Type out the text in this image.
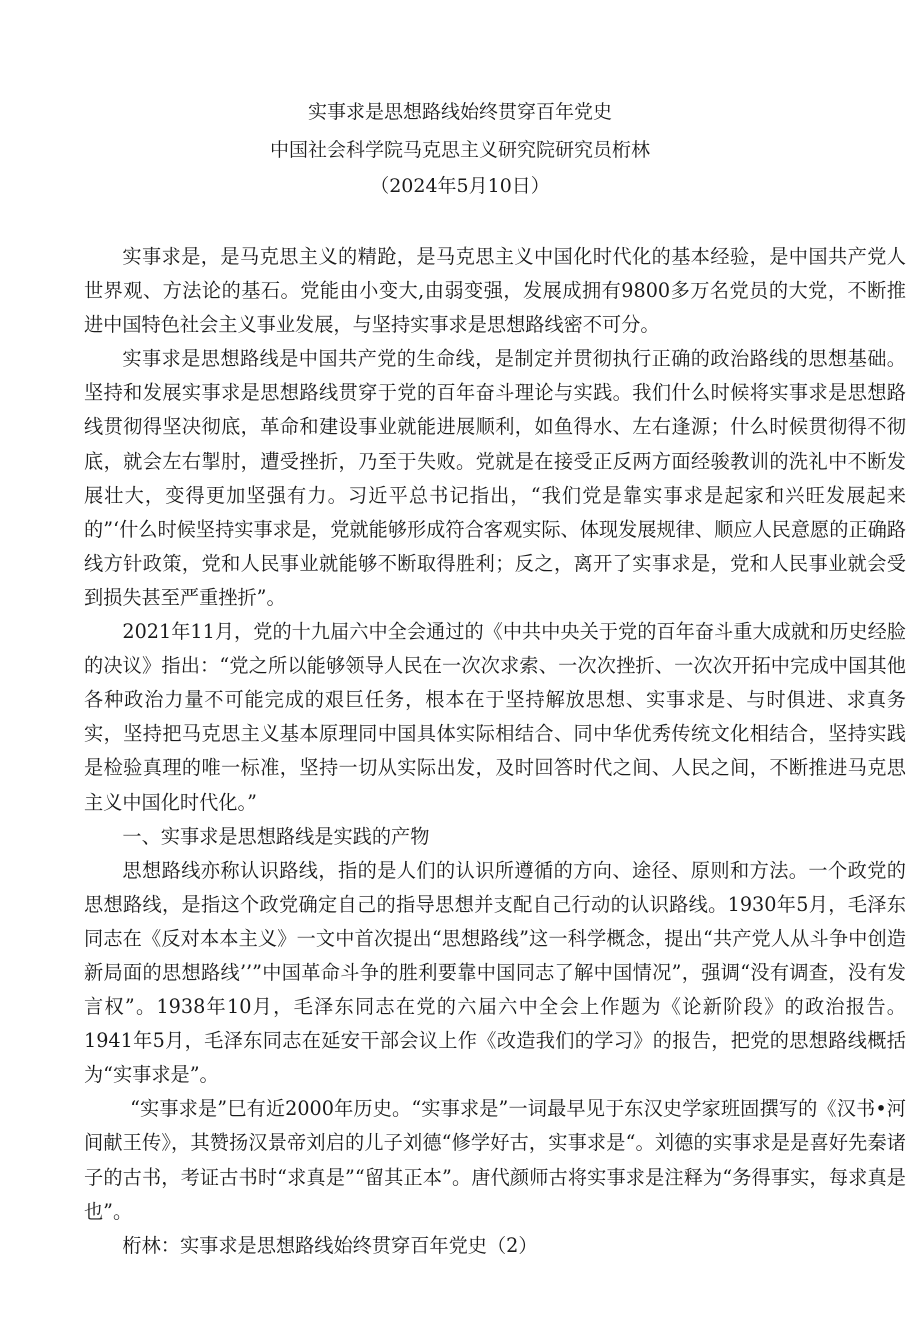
实事求是思想路线始终贯穿百年党史
中国社会科学院马克思主义研究院研究员桁林
（2024年5月10日）

实事求是，是马克思主义的精跄，是马克思主义中国化时代化的基本经验，是中国共产党人世界观、方法论的基石。党能由小变大,由弱变强，发展成拥有9800多万名党员的大党，不断推进中国特色社会主义事业发展，与坚持实事求是思想路线密不可分。

实事求是思想路线是中国共产党的生命线，是制定并贯彻执行正确的政治路线的思想基础。坚持和发展实事求是思想路线贯穿于党的百年奋斗理论与实践。我们什么时候将实事求是思想路线贯彻得坚决彻底，革命和建设事业就能进展顺利，如鱼得水、左右逢源；什么时候贯彻得不彻底，就会左右掣肘，遭受挫折，乃至于失败。党就是在接受正反两方面经骏教训的洗礼中不断发展壮大，变得更加坚强有力。习近平总书记指出，“我们党是靠实事求是起家和兴旺发展起来的”‘什么时候坚持实事求是，党就能够形成符合客观实际、体现发展规律、顺应人民意愿的正确路线方针政策，党和人民事业就能够不断取得胜利；反之，离开了实事求是，党和人民事业就会受到损失甚至严重挫折”。

2021年11月，党的十九届六中全会通过的《中共中央关于党的百年奋斗重大成就和历史经脸的决议》指出：“党之所以能够领导人民在一次次求索、一次次挫折、一次次开拓中完成中国其他各种政治力量不可能完成的艰巨任务，根本在于坚持解放思想、实事求是、与时俱进、求真务实，坚持把马克思主义基本原理同中国具体实际相结合、同中华优秀传统文化相结合，坚持实践是检验真理的唯一标准，坚持一切从实际出发，及时回答时代之间、人民之间，不断推进马克思主义中国化时代化。”

一、实事求是思想路线是实践的产物

思想路线亦称认识路线，指的是人们的认识所遵循的方向、途径、原则和方法。一个政党的思想路线，是指这个政党确定自己的指导思想并支配自己行动的认识路线。1930年5月，毛泽东同志在《反对本本主义》一文中首次提出“思想路线”这一科学概念，提出“共产党人从斗争中创造新局面的思想路线’’”中国革命斗争的胜利要靠中国同志了解中国情况”，强调“没有调查，没有发言权”。1938年10月，毛泽东同志在党的六届六中全会上作题为《论新阶段》的政治报告。1941年5月，毛泽东同志在延安干部会议上作《改造我们的学习》的报告，把党的思想路线概括为“实事求是”。

“实事求是”巳有近2000年历史。“实事求是”一词最早见于东汉史学家班固撰写的《汉书•河间献王传》，其赞扬汉景帝刘启的儿子刘德“修学好古，实事求是“。刘德的实事求是是喜好先秦诸子的古书，考证古书时“求真是”“留其正本”。唐代颜师古将实事求是注释为“务得事实，每求真是也”。

桁林：实事求是思想路线始终贯穿百年党史（2）
